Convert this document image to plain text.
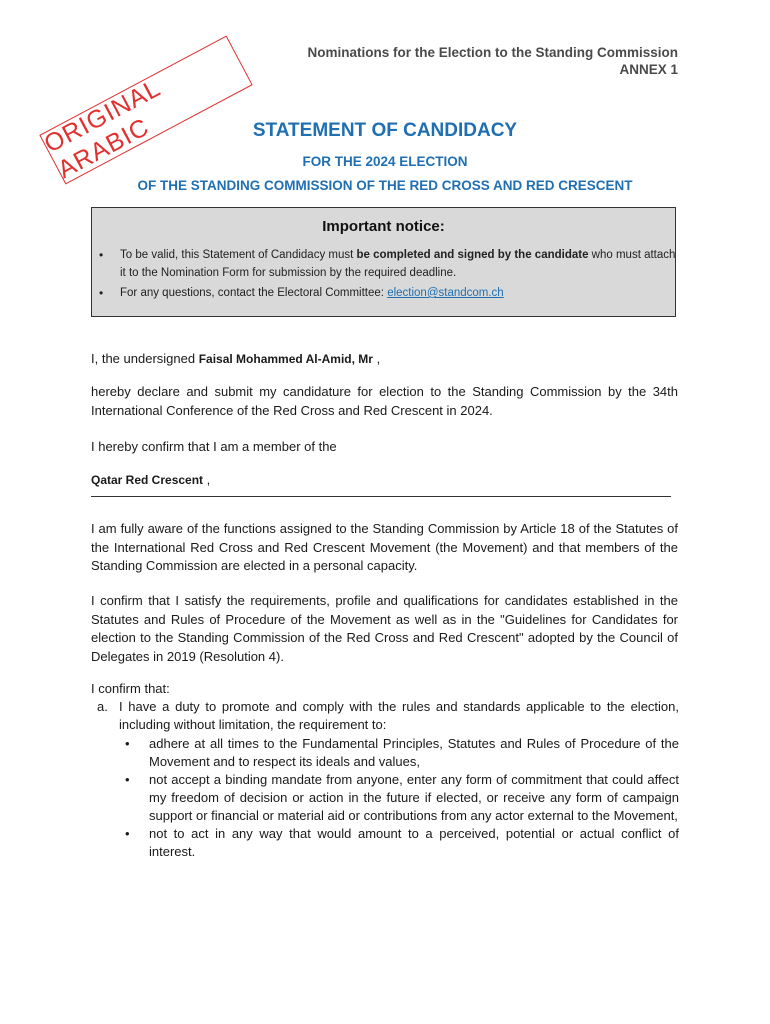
Nominations for the Election to the Standing Commission
ANNEX 1
ORIGINAL ARABIC	STATEMENT OF CANDIDACY
FOR THE 2024 ELECTION
OF THE STANDING COMMISSION OF THE RED CROSS AND RED CRESCENT
Important notice:
• To be valid, this Statement of Candidacy must be completed and signed by the candidate who must attach it to the Nomination Form for submission by the required deadline.
• For any questions, contact the Electoral Committee: election@standcom.ch
I, the undersigned Faisal Mohammed Al-Amid, Mr ,
hereby declare and submit my candidature for election to the Standing Commission by the 34th International Conference of the Red Cross and Red Crescent in 2024.
I hereby confirm that I am a member of the
Qatar Red Crescent ,
I am fully aware of the functions assigned to the Standing Commission by Article 18 of the Statutes of the International Red Cross and Red Crescent Movement (the Movement) and that members of the Standing Commission are elected in a personal capacity.
I confirm that I satisfy the requirements, profile and qualifications for candidates established in the Statutes and Rules of Procedure of the Movement as well as in the "Guidelines for Candidates for election to the Standing Commission of the Red Cross and Red Crescent" adopted by the Council of Delegates in 2019 (Resolution 4).
I confirm that:
a. I have a duty to promote and comply with the rules and standards applicable to the election, including without limitation, the requirement to:
• adhere at all times to the Fundamental Principles, Statutes and Rules of Procedure of the Movement and to respect its ideals and values,
• not accept a binding mandate from anyone, enter any form of commitment that could affect my freedom of decision or action in the future if elected, or receive any form of campaign support or financial or material aid or contributions from any actor external to the Movement,
• not to act in any way that would amount to a perceived, potential or actual conflict of interest.
